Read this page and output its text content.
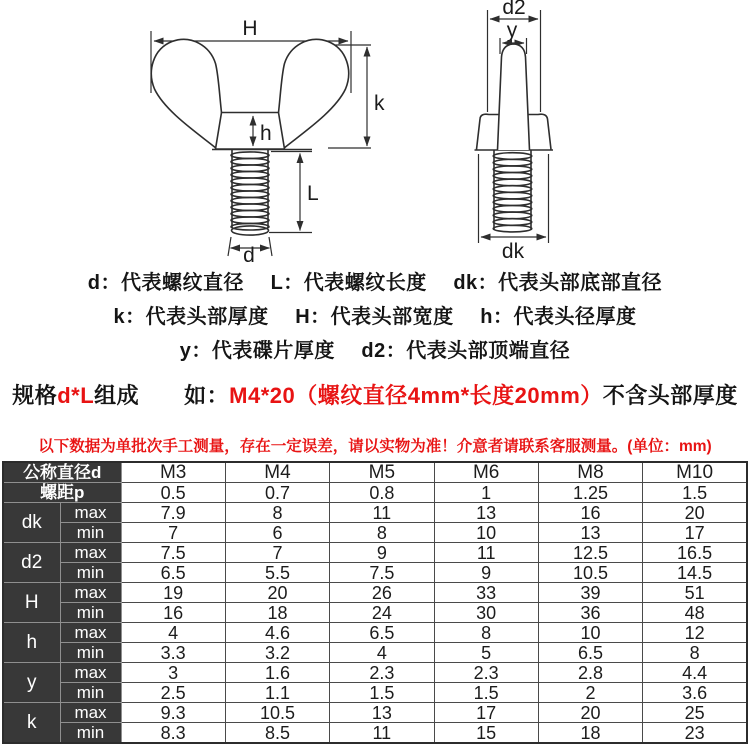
H
k
h
L
d
d2
y
dk
d：代表螺纹直径　 L：代表螺纹长度　 dk：代表头部底部直径
k：代表头部厚度　 H：代表头部宽度　 h：代表头径厚度
y：代表碟片厚度　 d2：代表头部顶端直径
规格d*L组成　　如：M4*20（螺纹直径4mm*长度20mm）不含头部厚度
以下数据为单批次手工测量，存在一定误差，请以实物为准！介意者请联系客服测量。(单位：mm)
公称直径d		M3	M4	M5	M6	M8	M10
螺距p		0.5	0.7	0.8	1	1.25	1.5
dk	max	7.9	8	11	13	16	20
	min	7	6	8	10	13	17
d2	max	7.5	7	9	11	12.5	16.5
	min	6.5	5.5	7.5	9	10.5	14.5
H	max	19	20	26	33	39	51
	min	16	18	24	30	36	48
h	max	4	4.6	6.5	8	10	12
	min	3.3	3.2	4	5	6.5	8
y	max	3	1.6	2.3	2.3	2.8	4.4
	min	2.5	1.1	1.5	1.5	2	3.6
k	max	9.3	10.5	13	17	20	25
	min	8.3	8.5	11	15	18	23
